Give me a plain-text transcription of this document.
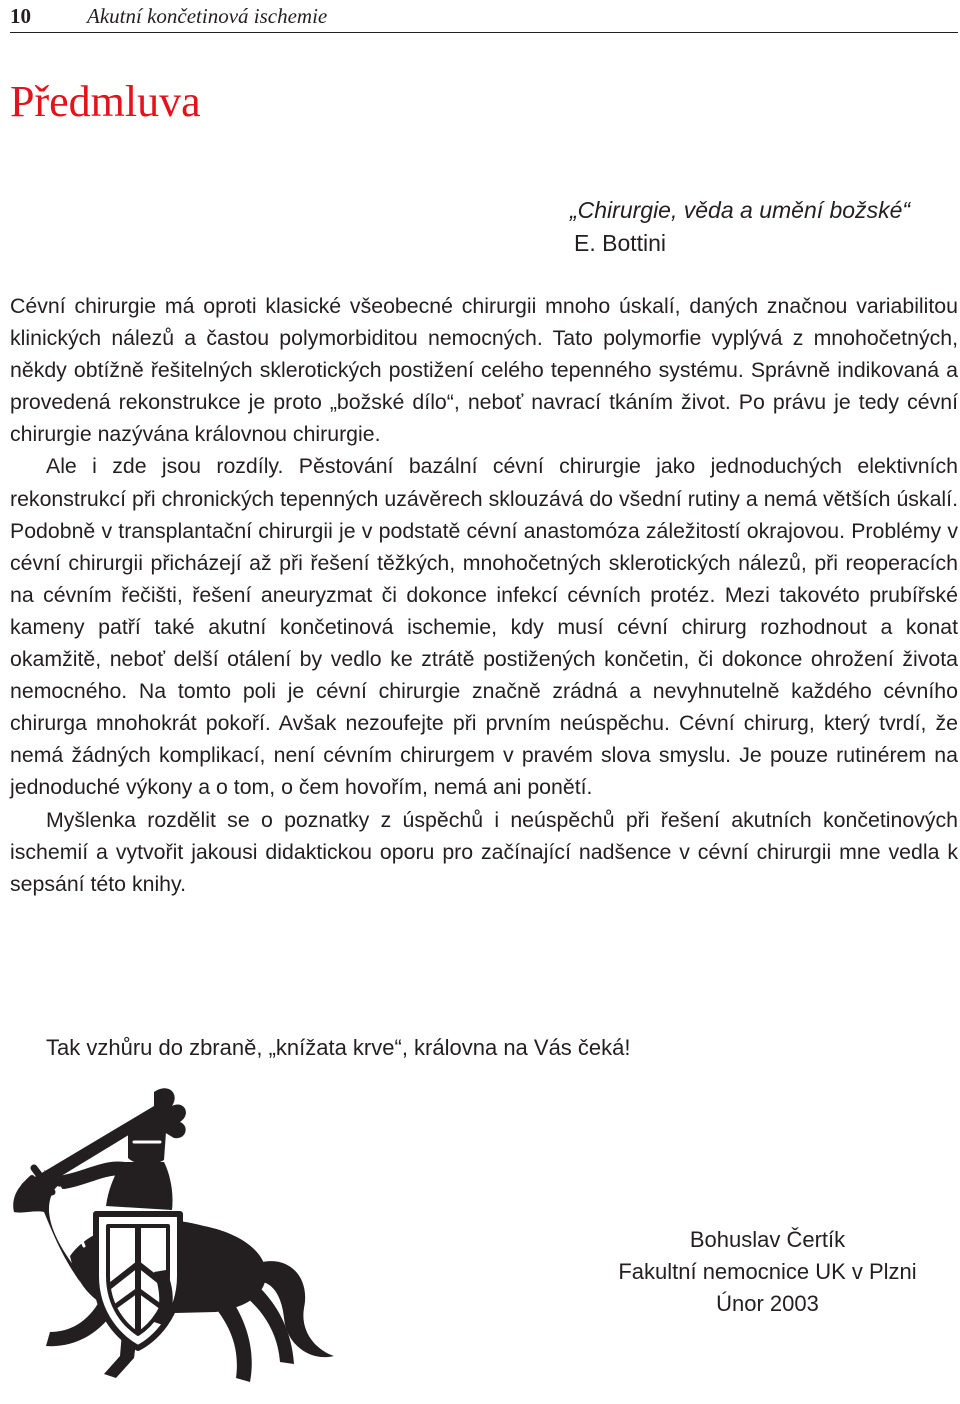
10	Akutní končetinová ischemie
Předmluva
„Chirurgie, věda a umění božské“
E. Bottini

Cévní chirurgie má oproti klasické všeobecné chirurgii mnoho úskalí, daných značnou variabilitou klinických nálezů a častou polymorbiditou nemocných. Tato polymorfie vyplývá z mnohočetných, někdy obtížně řešitelných sklerotických postižení celého tepenného systému. Správně indikovaná a provedená rekonstrukce je proto „božské dílo“, neboť navrací tkáním život. Po právu je tedy cévní chirurgie nazývána královnou chirurgie.

Ale i zde jsou rozdíly. Pěstování bazální cévní chirurgie jako jednoduchých elektivních rekonstrukcí při chronických tepenných uzávěrech sklouzává do všední rutiny a nemá větších úskalí. Podobně v transplantační chirurgii je v podstatě cévní anastomóza záležitostí okrajovou. Problémy v cévní chirurgii přicházejí až při řešení těžkých, mnohočetných sklerotických nálezů, při reoperacích na cévním řečišti, řešení aneuryzmat či dokonce infekcí cévních protéz. Mezi takovéto prubířské kameny patří také akutní končetinová ischemie, kdy musí cévní chirurg rozhodnout a konat okamžitě, neboť delší otálení by vedlo ke ztrátě postižených končetin, či dokonce ohrožení života nemocného. Na tomto poli je cévní chirurgie značně zrádná a nevyhnutelně každého cévního chirurga mnohokrát pokoří. Avšak nezoufejte při prvním neúspěchu. Cévní chirurg, který tvrdí, že nemá žádných komplikací, není cévním chirurgem v pravém slova smyslu. Je pouze rutinérem na jednoduché výkony a o tom, o čem hovořím, nemá ani ponětí.

Myšlenka rozdělit se o poznatky z úspěchů i neúspěchů při řešení akutních končetinových ischemií a vytvořit jakousi didaktickou oporu pro začínající nadšence v cévní chirurgii mne vedla k sepsání této knihy.

Tak vzhůru do zbraně, „knížata krve“, královna na Vás čeká!
Bohuslav Čertík
Fakultní nemocnice UK v Plzni
Únor 2003
